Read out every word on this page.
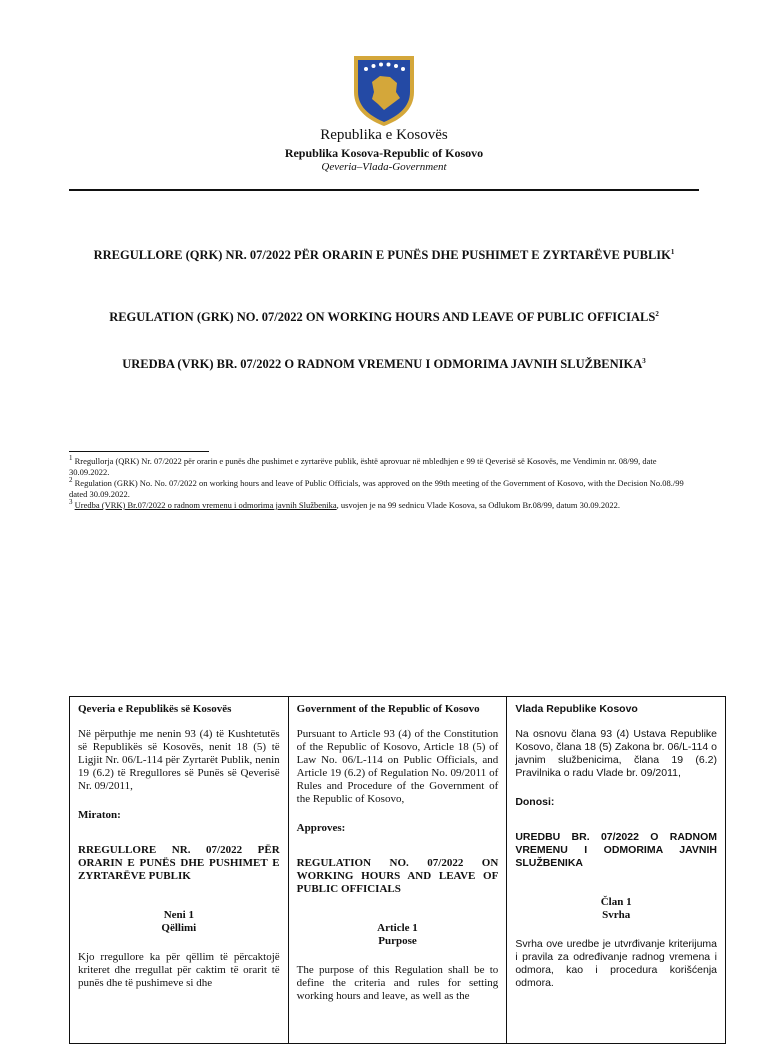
Republika e Kosovës
Republika Kosova-Republic of Kosovo
Qeveria–Vlada-Government
RREGULLORE (QRK) NR. 07/2022 PËR ORARIN E PUNËS DHE PUSHIMET E ZYRTARËVE PUBLIK$^1$
REGULATION (GRK) NO. 07/2022 ON WORKING HOURS AND LEAVE OF PUBLIC OFFICIALS$^2$
UREDBA (VRK) BR. 07/2022 O RADNOM VREMENU I ODMORIMA JAVNIH SLUŽBENIKA$^3$
$^1$ Rregullorja (QRK) Nr. 07/2022 për orarin e punës dhe pushimet e zyrtarëve publik, është aprovuar në mbledhjen e 99 të Qeverisë së Kosovës, me Vendimin nr. 08/99, date 30.09.2022.
$^2$ Regulation (GRK) No. No. 07/2022 on working hours and leave of Public Officials, was approved on the 99th meeting of the Government of Kosovo, with the Decision No.08./99 dated 30.09.2022.
$^3$ Uredba (VRK) Br.07/2022 o radnom vremenu i odmorima javnih Službenika, usvojen je na 99 sednicu Vlade Kosova, sa Odlukom Br.08/99, datum 30.09.2022.
Qeveria e Republikës së Kosovës
Në përputhje me nenin 93 (4) të Kushtetutës së Republikës së Kosovës, nenit 18 (5) të Ligjit Nr. 06/L-114 për Zyrtarët Publik, nenin 19 (6.2) të Rregullores së Punës së Qeverisë Nr. 09/2011,
Miraton:
RREGULLORE NR. 07/2022 PËR ORARIN E PUNËS DHE PUSHIMET E ZYRTARËVE PUBLIK
Neni 1
Qëllimi
Kjo rregullore ka për qëllim të përcaktojë kriteret dhe rregullat për caktim të orarit të punës dhe të pushimeve si dhe

Government of the Republic of Kosovo
Pursuant to Article 93 (4) of the Constitution of the Republic of Kosovo, Article 18 (5) of Law No. 06/L-114 on Public Officials, and Article 19 (6.2) of Regulation No. 09/2011 of Rules and Procedure of the Government of the Republic of Kosovo,
Approves:
REGULATION NO. 07/2022 ON WORKING HOURS AND LEAVE OF PUBLIC OFFICIALS
Article 1
Purpose
The purpose of this Regulation shall be to define the criteria and rules for setting working hours and leave, as well as the

Vlada Republike Kosovo
Na osnovu člana 93 (4) Ustava Republike Kosovo, člana 18 (5) Zakona br. 06/L-114 o javnim službenicima, člana 19 (6.2) Pravilnika o radu Vlade br. 09/2011,
Donosi:
UREDBU BR. 07/2022 O RADNOM VREMENU I ODMORIMA JAVNIH SLUŽBENIKA
Član 1
Svrha
Svrha ove uredbe je utvrđivanje kriterijuma i pravila za određivanje radnog vremena i odmora, kao i procedura korišćenja odmora.
